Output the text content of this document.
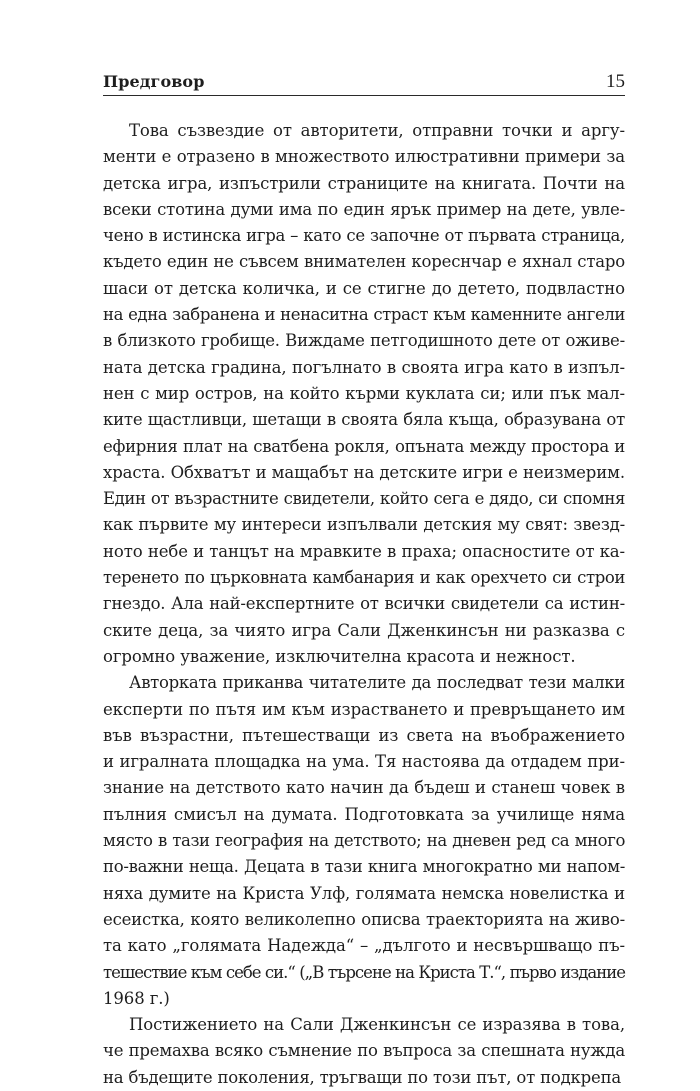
Предговор	15

Това съзвездие от авторитети, отправни точки и аргу-
менти е отразено в множеството илюстративни примери за
детска игра, изпъстрили страниците на книгата. Почти на
всеки стотина думи има по един ярък пример на дете, увле-
чено в истинска игра – като се започне от първата страница,
където един не съвсем внимателен кореснчар е яхнал старо
шаси от детска количка, и се стигне до детето, подвластно
на една забранена и ненаситна страст към каменните ангели
в близкото гробище. Виждаме петгодишното дете от оживе-
ната детска градина, погълнато в своята игра като в изпъл-
нен с мир остров, на който кърми куклата си; или пък мал-
ките щастливци, шетащи в своята бяла къща, образувана от
ефирния плат на сватбена рокля, опъната между простора и
храста. Обхватът и мащабът на детските игри е неизмерим.
Един от възрастните свидетели, който сега е дядо, си спомня
как първите му интереси изпълвали детския му свят: звезд-
ното небе и танцът на мравките в праха; опасностите от ка-
теренето по църковната камбанария и как орехчето си строи
гнездо. Ала най-експертните от всички свидетели са истин-
ските деца, за чиято игра Сали Дженкинсън ни разказва с
огромно уважение, изключителна красота и нежност.

Авторката приканва читателите да последват тези малки
експерти по пътя им към израстването и превръщането им
във възрастни, пътешестващи из света на въображението
и игралната площадка на ума. Тя настоява да отдадем при-
знание на детството като начин да бъдеш и станеш човек в
пълния смисъл на думата. Подготовката за училище няма
място в тази география на детството; на дневен ред са много
по-важни неща. Децата в тази книга многократно ми напом-
няха думите на Криста Улф, голямата немска новелистка и
есеистка, която великолепно описва траекторията на живо-
та като „голямата Надежда“ – „дългото и несвършващо пъ-
тешествие към себе си.“ („В търсене на Криста Т.“, първо издание
1968 г.)

Постижението на Сали Дженкинсън се изразява в това,
че премахва всяко съмнение по въпроса за спешната нужда
на бъдещите поколения, тръгващи по този път, от подкрепа
